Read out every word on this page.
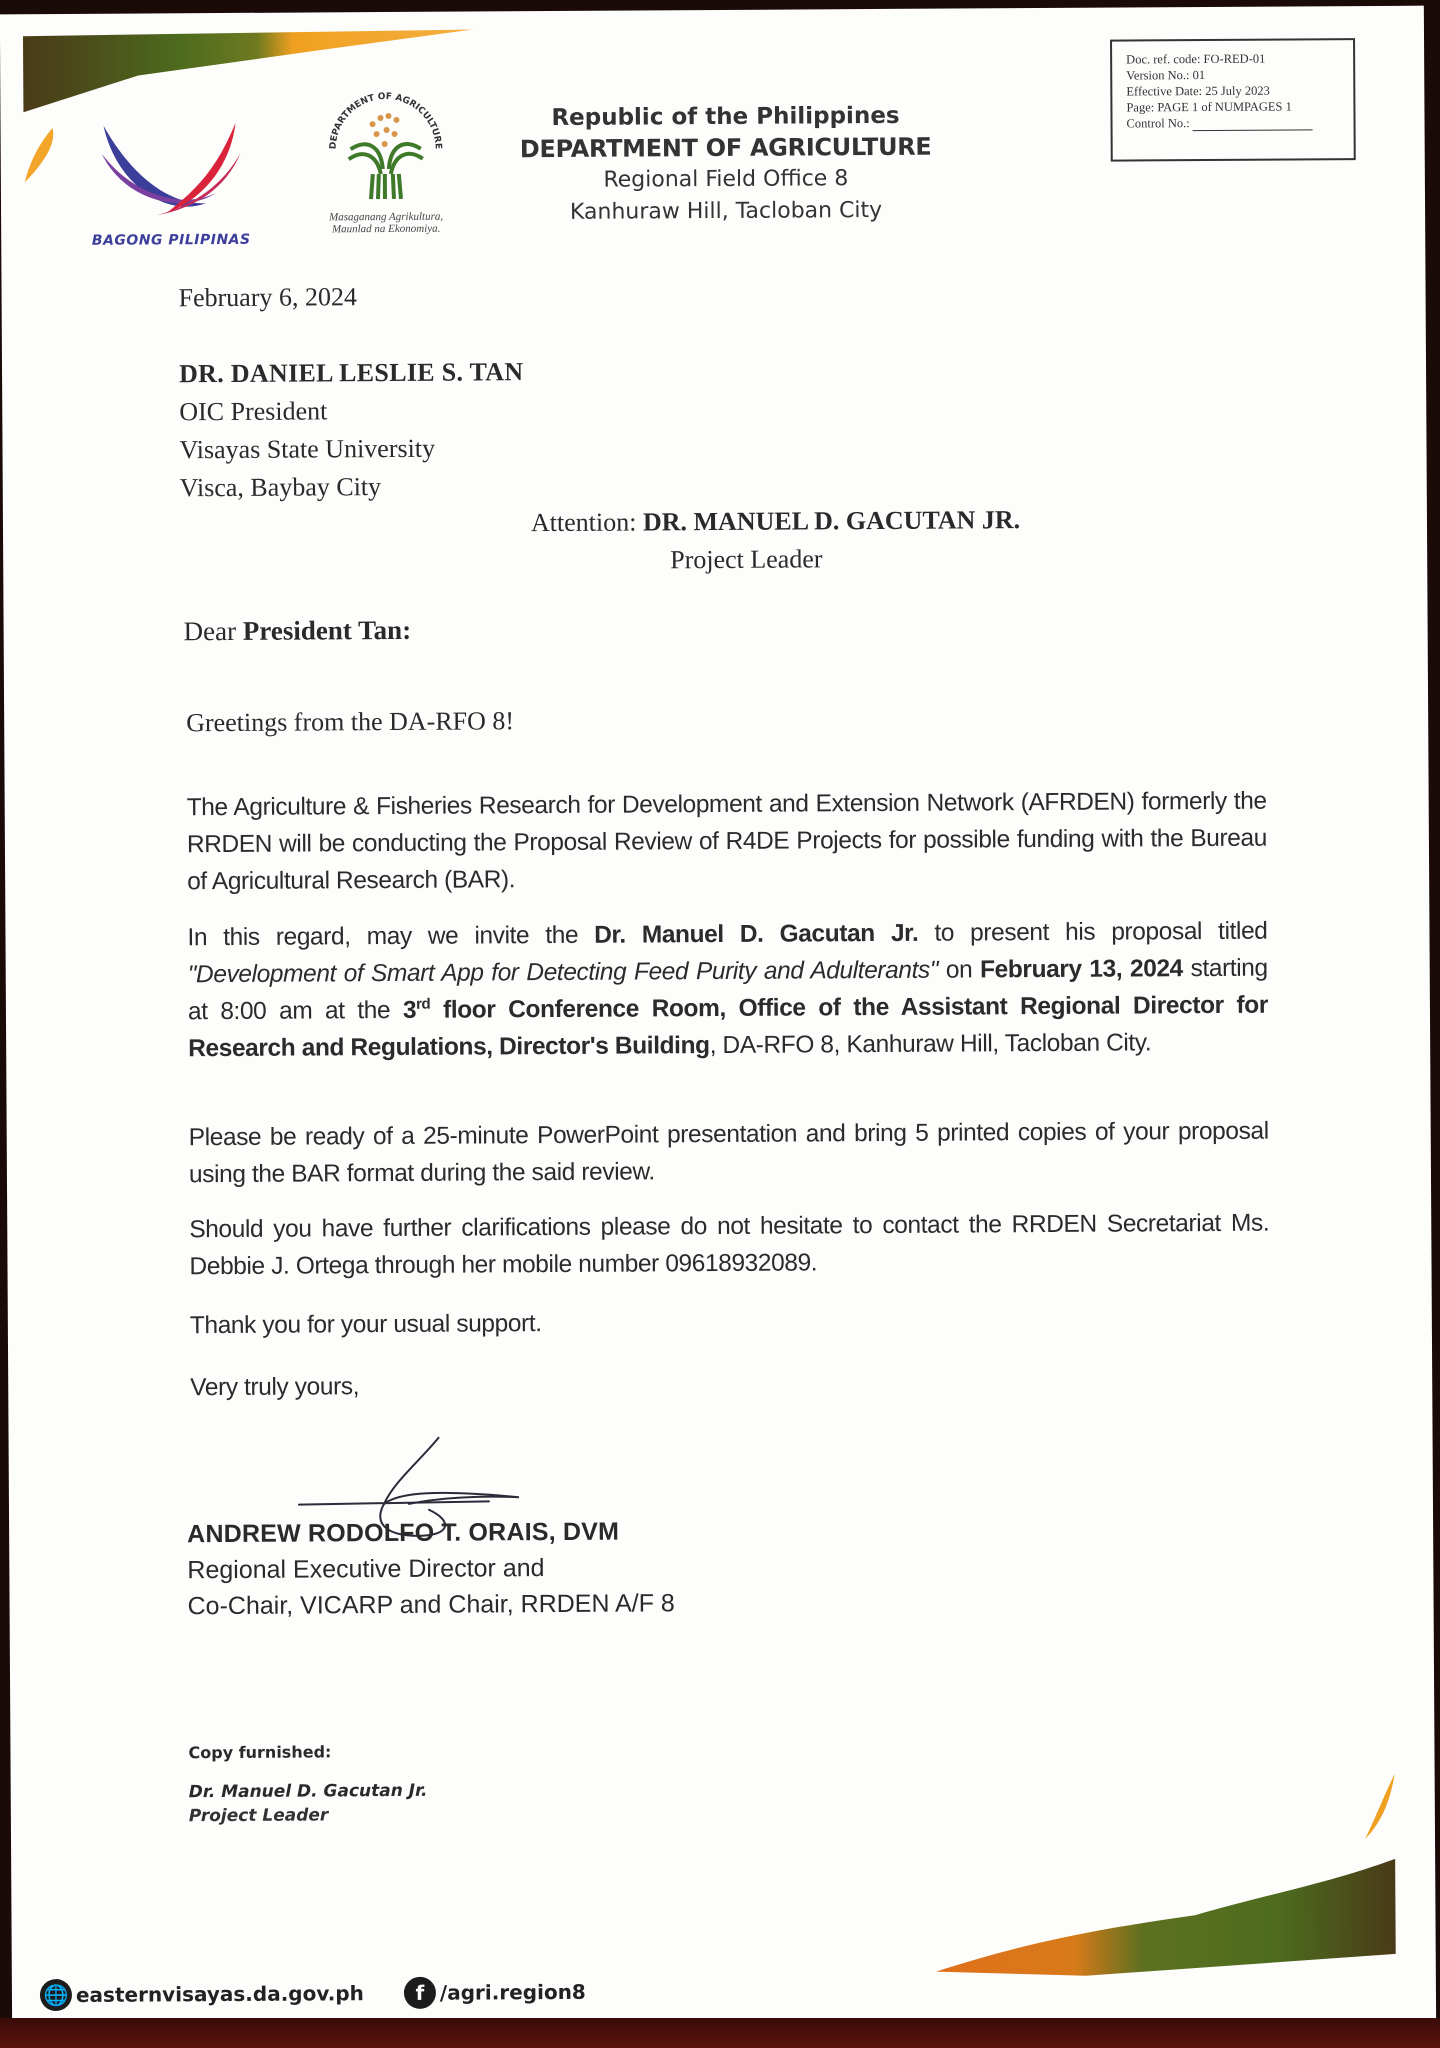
BAGONG PILIPINAS
DEPARTMENT OF AGRICULTURE
Masaganang Agrikultura,
Maunlad na Ekonomiya.
Republic of the Philippines
DEPARTMENT OF AGRICULTURE
Regional Field Office 8
Kanhuraw Hill, Tacloban City
Doc. ref. code: FO-RED-01
Version No.: 01
Effective Date: 25 July 2023
Page: PAGE 1 of NUMPAGES 1
Control No.:
February 6, 2024
DR. DANIEL LESLIE S. TAN
OIC President
Visayas State University
Visca, Baybay City
Attention: DR. MANUEL D. GACUTAN JR.
Project Leader
Dear President Tan:
Greetings from the DA-RFO 8!
The Agriculture & Fisheries Research for Development and Extension Network (AFRDEN) formerly the RRDEN will be conducting the Proposal Review of R4DE Projects for possible funding with the Bureau of Agricultural Research (BAR).
In this regard, may we invite the Dr. Manuel D. Gacutan Jr. to present his proposal titled "Development of Smart App for Detecting Feed Purity and Adulterants" on February 13, 2024 starting at 8:00 am at the 3rd floor Conference Room, Office of the Assistant Regional Director for Research and Regulations, Director's Building, DA-RFO 8, Kanhuraw Hill, Tacloban City.
Please be ready of a 25-minute PowerPoint presentation and bring 5 printed copies of your proposal using the BAR format during the said review.
Should you have further clarifications please do not hesitate to contact the RRDEN Secretariat Ms. Debbie J. Ortega through her mobile number 09618932089.
Thank you for your usual support.
Very truly yours,
ANDREW RODOLFO T. ORAIS, DVM
Regional Executive Director and
Co-Chair, VICARP and Chair, RRDEN A/F 8
Copy furnished:
Dr. Manuel D. Gacutan Jr.
Project Leader
🌐 easternvisayas.da.gov.ph	f /agri.region8
